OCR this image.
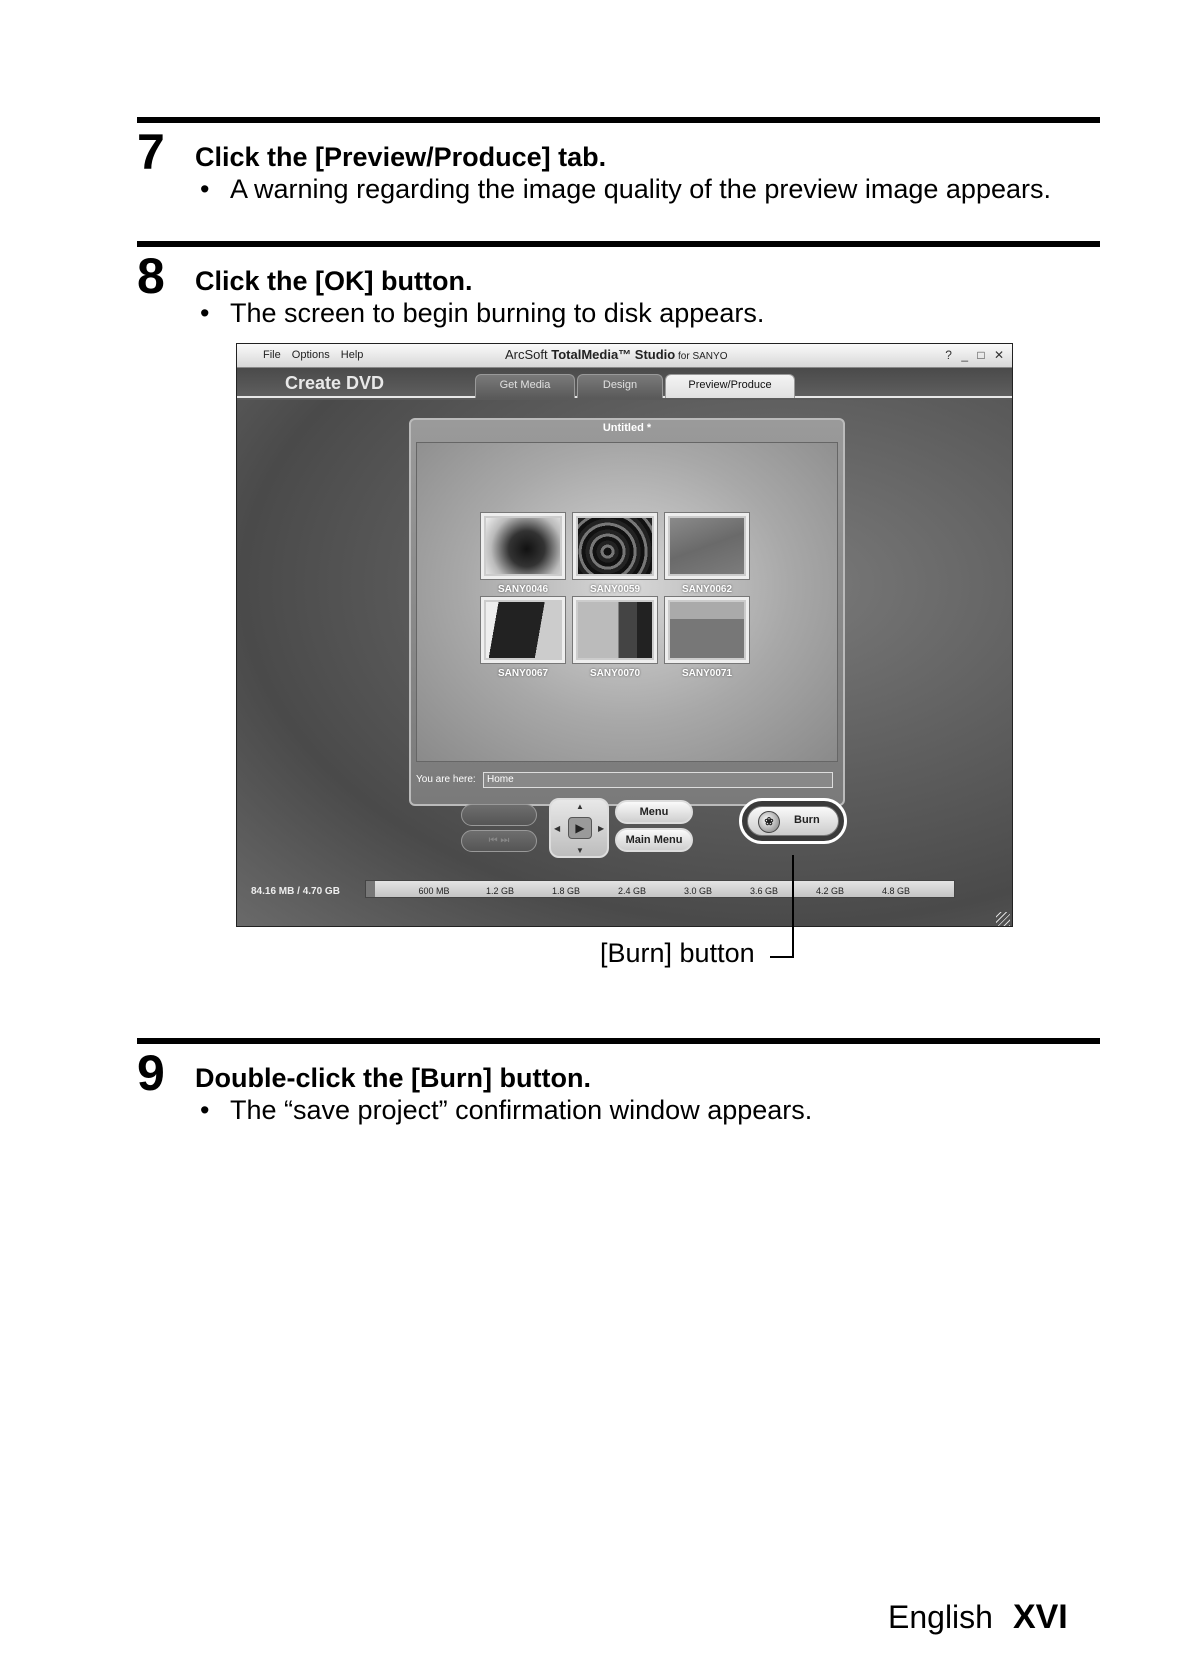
7 Click the [Preview/Produce] tab.
• A warning regarding the image quality of the preview image appears.
8 Click the [OK] button.
• The screen to begin burning to disk appears.
File Options Help	ArcSoft TotalMedia™ Studio for SANYO	? _ □ ✕
Create DVD	Get Media	Design	Preview/Produce
Untitled *
SANY0046	SANY0059	SANY0062
SANY0067	SANY0070	SANY0071
You are here:	Home
⏮ ⏭
▲
▼
◀	▶
▶
Menu
Main Menu
❀	Burn
84.16 MB / 4.70 GB	600 MB	1.2 GB	1.8 GB	2.4 GB	3.0 GB	3.6 GB	4.2 GB	4.8 GB
[Burn] button
9 Double-click the [Burn] button.
• The “save project” confirmation window appears.
English XVI
